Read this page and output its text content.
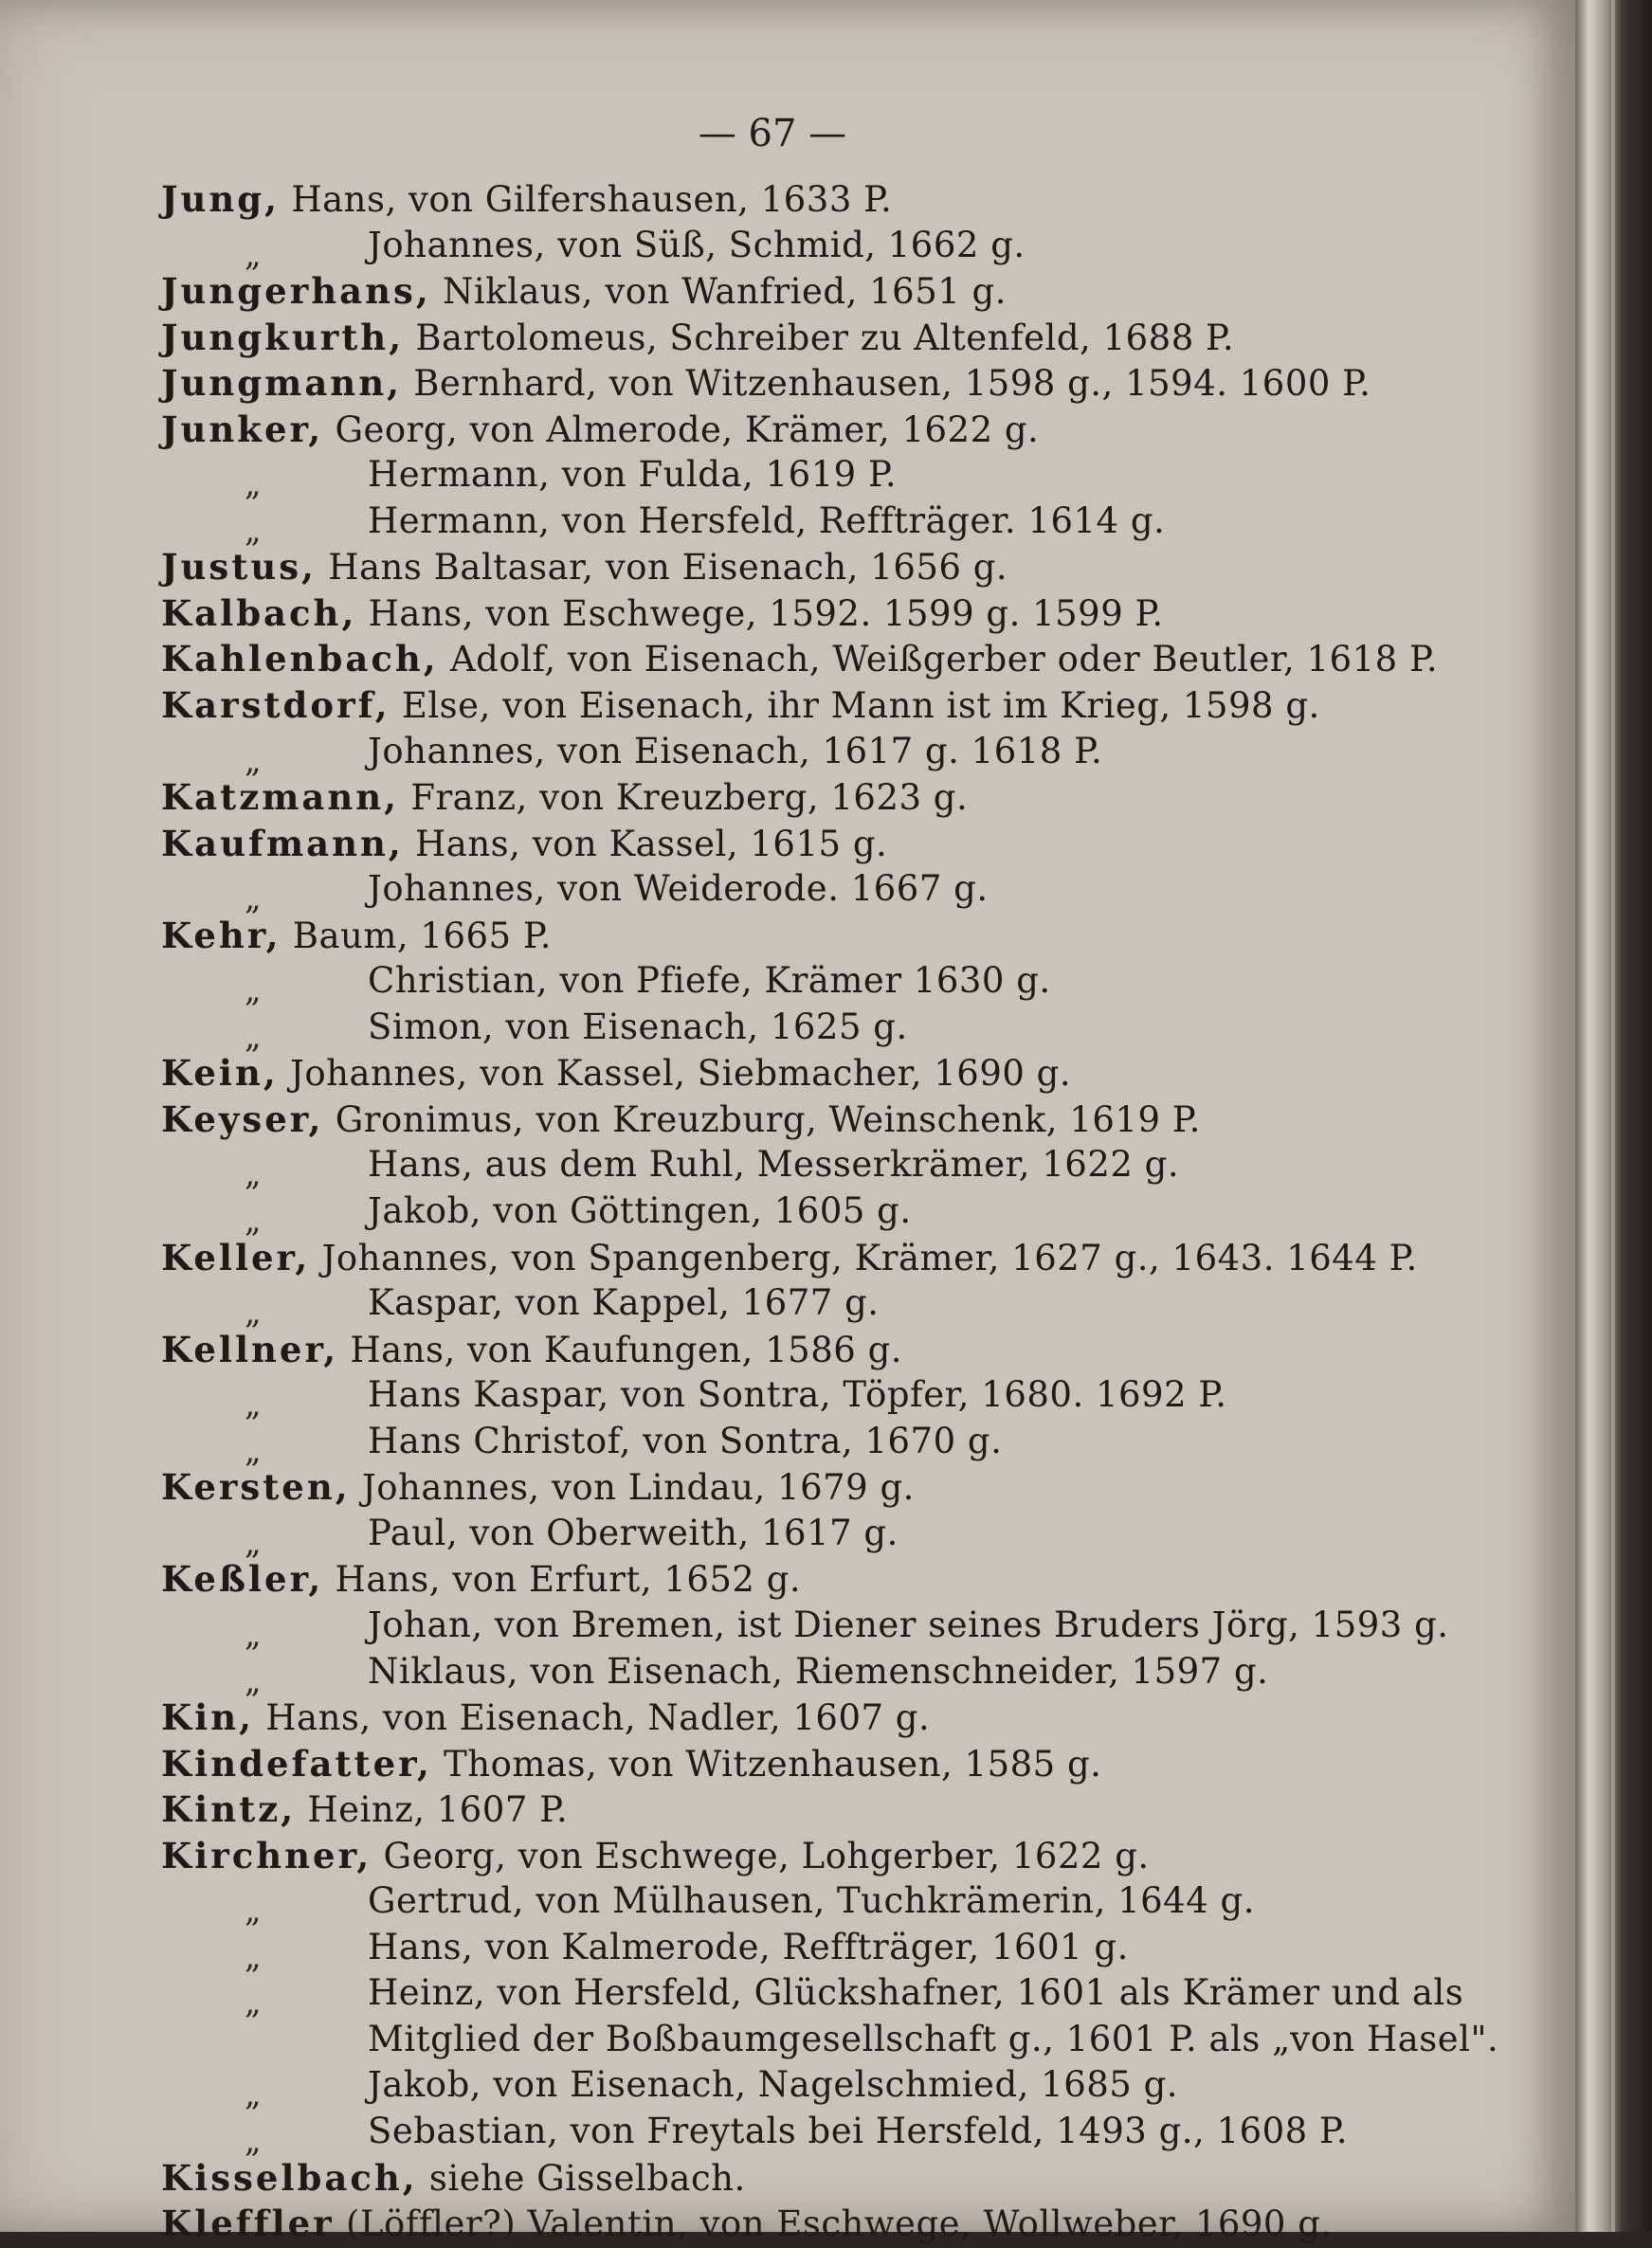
— 67 —
Jung, Hans, von Gilfershausen, 1633 P.
„	Johannes, von Süß, Schmid, 1662 g.
Jungerhans, Niklaus, von Wanfried, 1651 g.
Jungkurth, Bartolomeus, Schreiber zu Altenfeld, 1688 P.
Jungmann, Bernhard, von Witzenhausen, 1598 g., 1594. 1600 P.
Junker, Georg, von Almerode, Krämer, 1622 g.
„	Hermann, von Fulda, 1619 P.
„	Hermann, von Hersfeld, Reffträger. 1614 g.
Justus, Hans Baltasar, von Eisenach, 1656 g.
Kalbach, Hans, von Eschwege, 1592. 1599 g. 1599 P.
Kahlenbach, Adolf, von Eisenach, Weißgerber oder Beutler, 1618 P.
Karstdorf, Else, von Eisenach, ihr Mann ist im Krieg, 1598 g.
„	Johannes, von Eisenach, 1617 g. 1618 P.
Katzmann, Franz, von Kreuzberg, 1623 g.
Kaufmann, Hans, von Kassel, 1615 g.
„	Johannes, von Weiderode. 1667 g.
Kehr, Baum, 1665 P.
„	Christian, von Pfiefe, Krämer 1630 g.
„	Simon, von Eisenach, 1625 g.
Kein, Johannes, von Kassel, Siebmacher, 1690 g.
Keyser, Gronimus, von Kreuzburg, Weinschenk, 1619 P.
„	Hans, aus dem Ruhl, Messerkrämer, 1622 g.
„	Jakob, von Göttingen, 1605 g.
Keller, Johannes, von Spangenberg, Krämer, 1627 g., 1643. 1644 P.
„	Kaspar, von Kappel, 1677 g.
Kellner, Hans, von Kaufungen, 1586 g.
„	Hans Kaspar, von Sontra, Töpfer, 1680. 1692 P.
„	Hans Christof, von Sontra, 1670 g.
Kersten, Johannes, von Lindau, 1679 g.
„	Paul, von Oberweith, 1617 g.
Keßler, Hans, von Erfurt, 1652 g.
„	Johan, von Bremen, ist Diener seines Bruders Jörg, 1593 g.
„	Niklaus, von Eisenach, Riemenschneider, 1597 g.
Kin, Hans, von Eisenach, Nadler, 1607 g.
Kindefatter, Thomas, von Witzenhausen, 1585 g.
Kintz, Heinz, 1607 P.
Kirchner, Georg, von Eschwege, Lohgerber, 1622 g.
„	Gertrud, von Mülhausen, Tuchkrämerin, 1644 g.
„	Hans, von Kalmerode, Reffträger, 1601 g.
„	Heinz, von Hersfeld, Glückshafner, 1601 als Krämer und als
Mitglied der Boßbaumgesellschaft g., 1601 P. als „von Hasel".
„	Jakob, von Eisenach, Nagelschmied, 1685 g.
„	Sebastian, von Freytals bei Hersfeld, 1493 g., 1608 P.
Kisselbach, siehe Gisselbach.
Kleffler (Löffler?) Valentin, von Eschwege, Wollweber, 1690 g.
